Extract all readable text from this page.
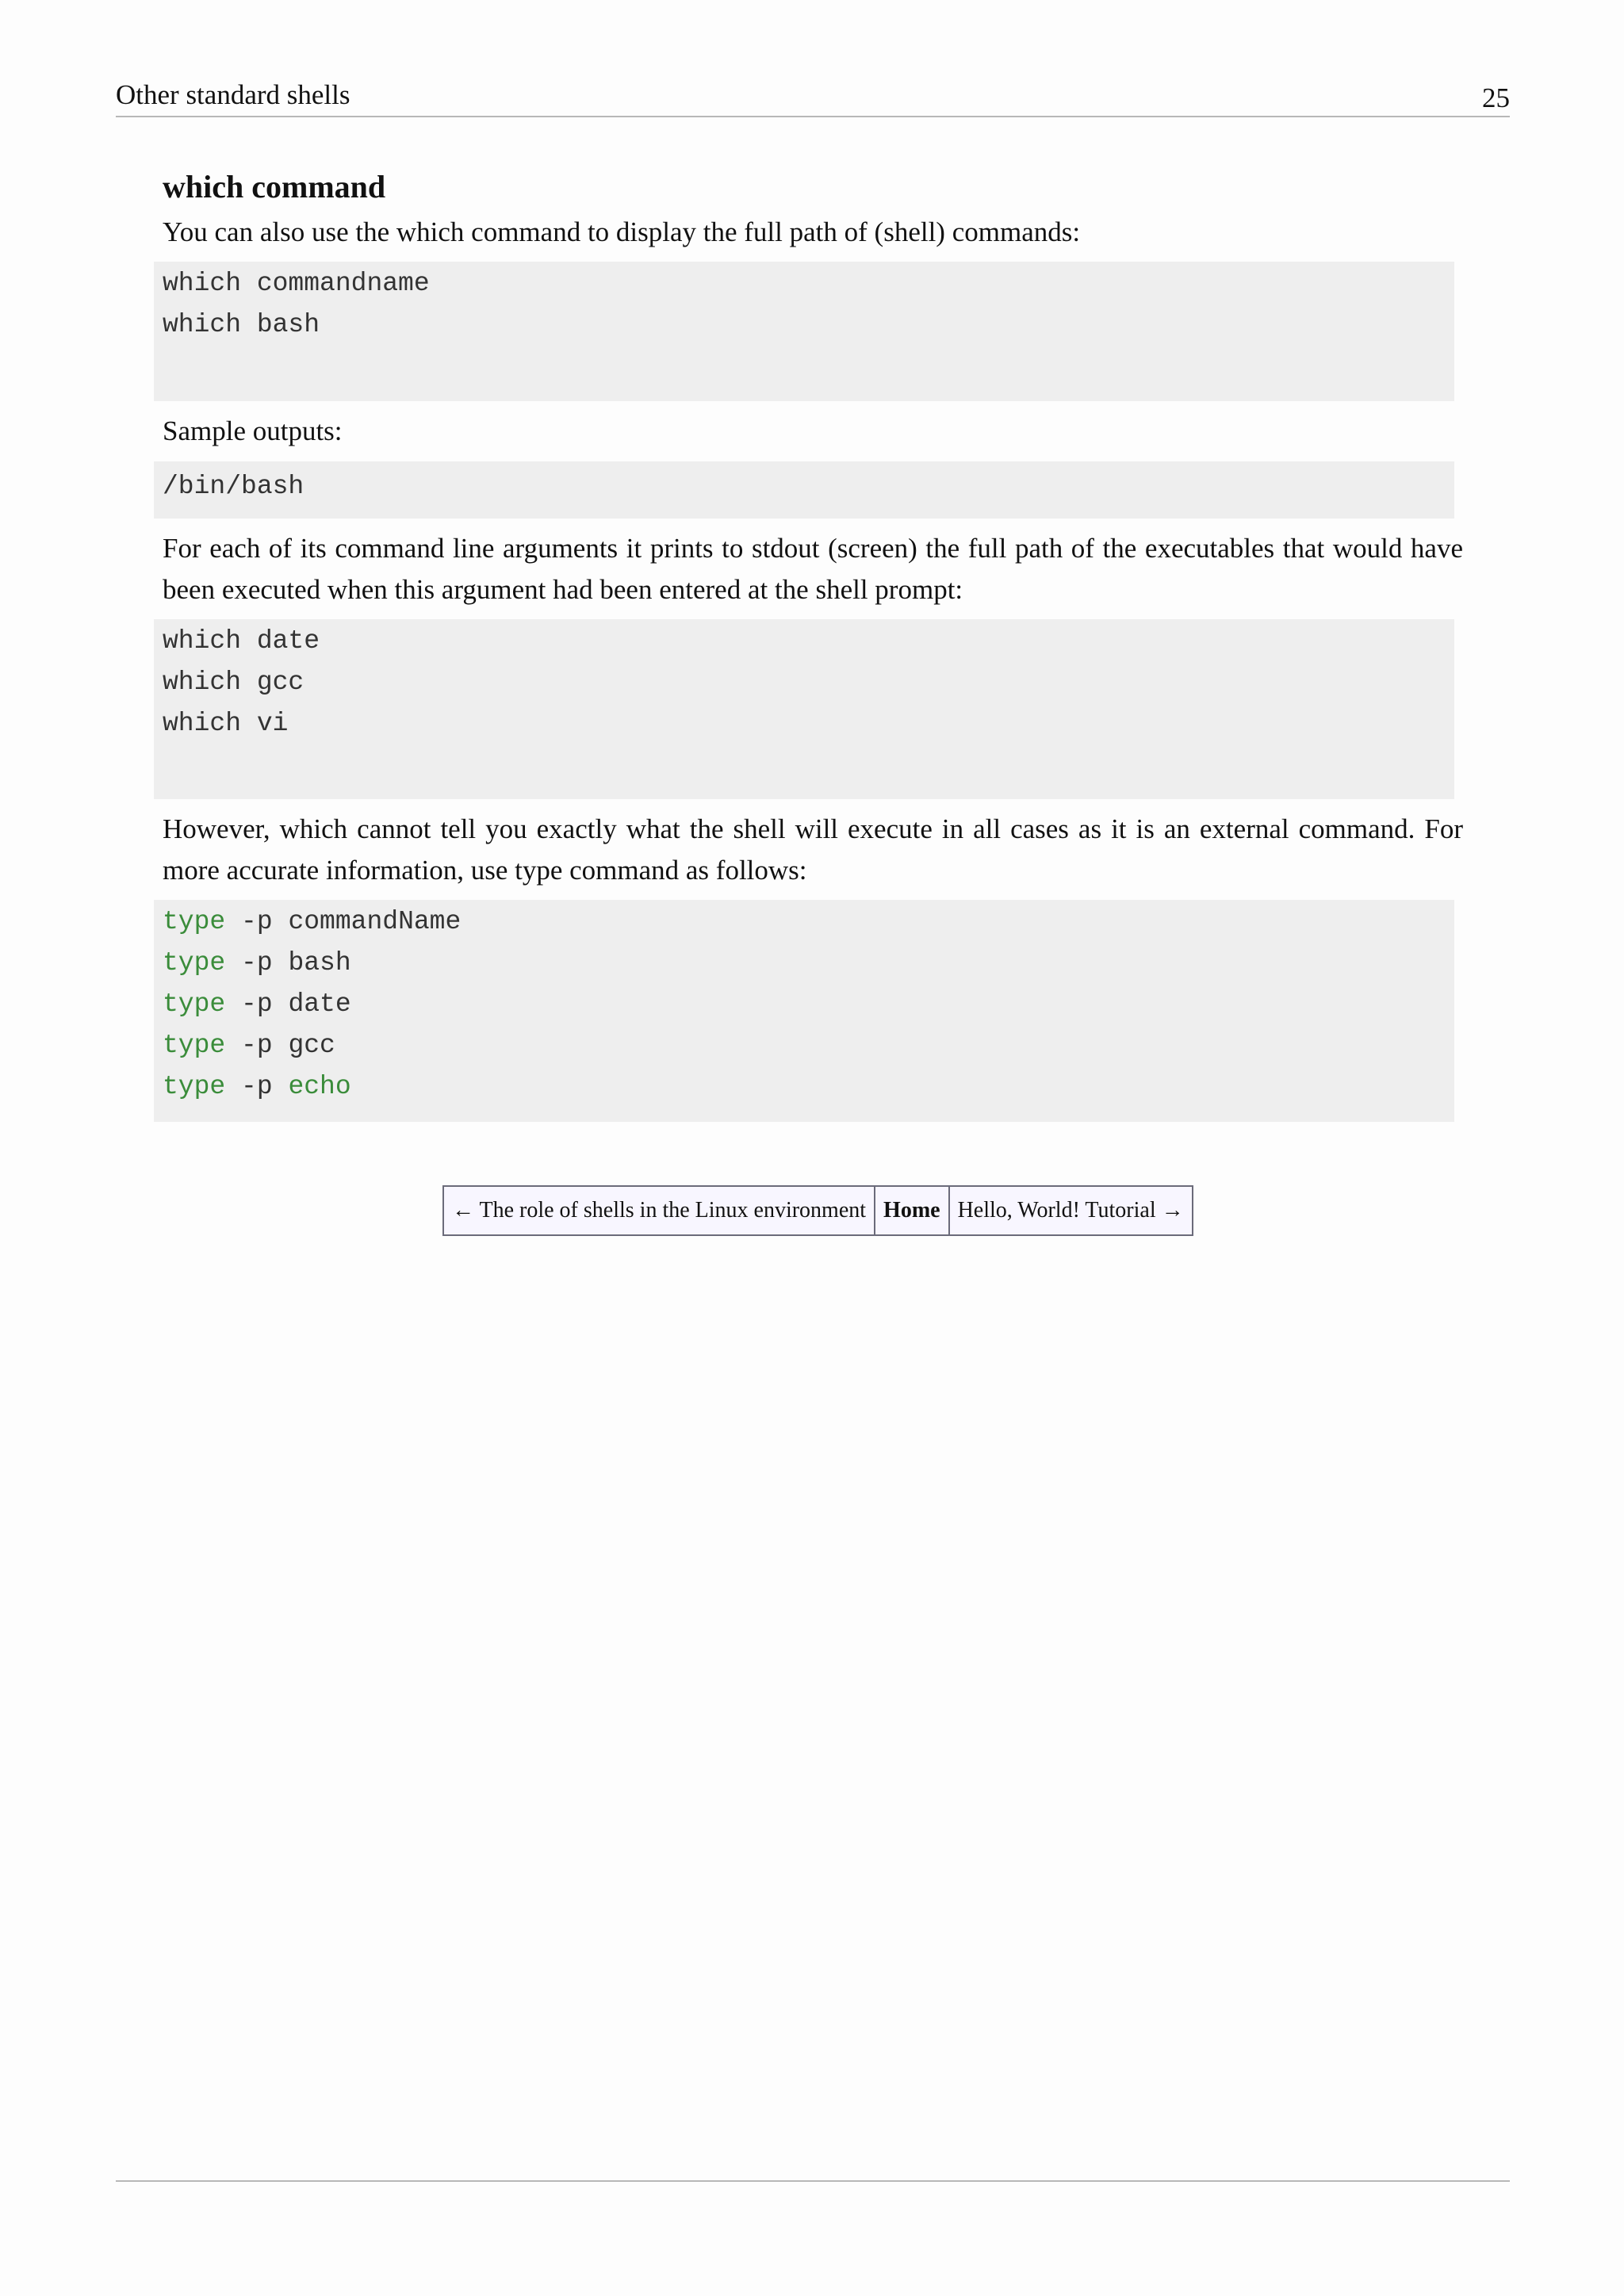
Other standard shells	25
which command

You can also use the which command to display the full path of (shell) commands:

which commandname
which bash

Sample outputs:

/bin/bash

For each of its command line arguments it prints to stdout (screen) the full path of the executables that would have been executed when this argument had been entered at the shell prompt:

which date
which gcc
which vi

However, which cannot tell you exactly what the shell will execute in all cases as it is an external command. For more accurate information, use type command as follows:

type -p commandName
type -p bash
type -p date
type -p gcc
type -p echo
← The role of shells in the Linux environment Home Hello, World! Tutorial →
